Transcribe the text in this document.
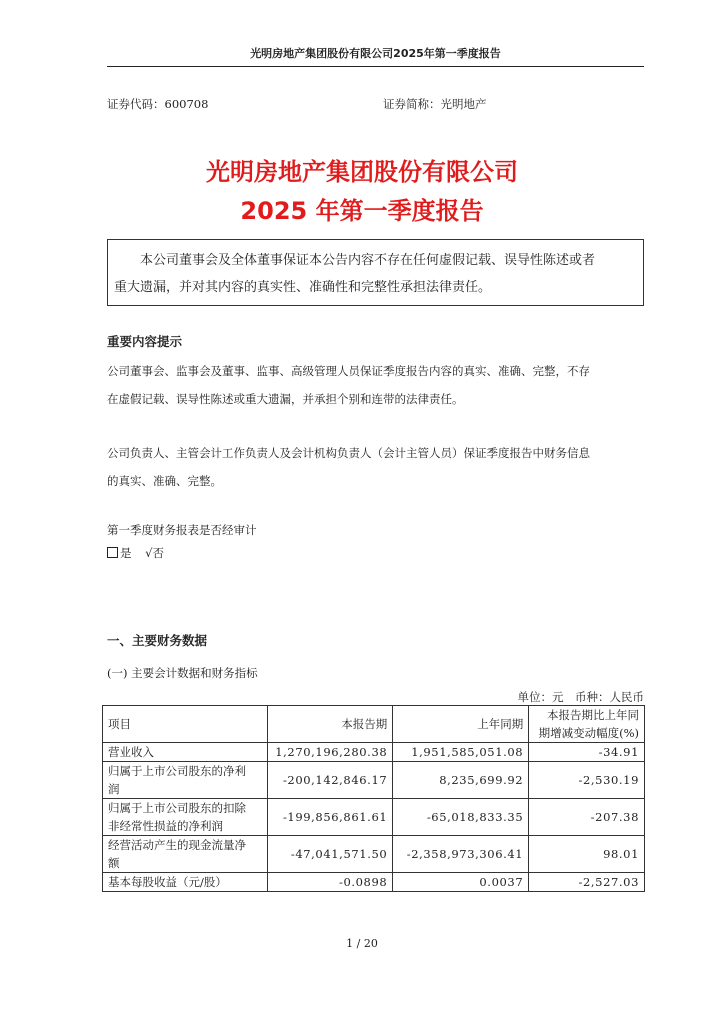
光明房地产集团股份有限公司2025年第一季度报告
证券代码：600708	证券简称：光明地产
光明房地产集团股份有限公司
2025 年第一季度报告
本公司董事会及全体董事保证本公告内容不存在任何虚假记载、误导性陈述或者
重大遗漏，并对其内容的真实性、准确性和完整性承担法律责任。
重要内容提示
公司董事会、监事会及董事、监事、高级管理人员保证季度报告内容的真实、准确、完整，不存
在虚假记载、误导性陈述或重大遗漏，并承担个别和连带的法律责任。
公司负责人、主管会计工作负责人及会计机构负责人（会计主管人员）保证季度报告中财务信息
的真实、准确、完整。
第一季度财务报表是否经审计
是 √否
一、主要财务数据
(一) 主要会计数据和财务指标
单位：元　币种：人民币
项目	本报告期	上年同期	本报告期比上年同
期增减变动幅度(%)

营业收入	1,270,196,280.38	1,951,585,051.08	-34.91

归属于上市公司股东的净利
润	-200,142,846.17	8,235,699.92	-2,530.19

归属于上市公司股东的扣除
非经常性损益的净利润	-199,856,861.61	-65,018,833.35	-207.38

经营活动产生的现金流量净
额	-47,041,571.50	-2,358,973,306.41	98.01

基本每股收益（元/股）	-0.0898	0.0037	-2,527.03
1 / 20
